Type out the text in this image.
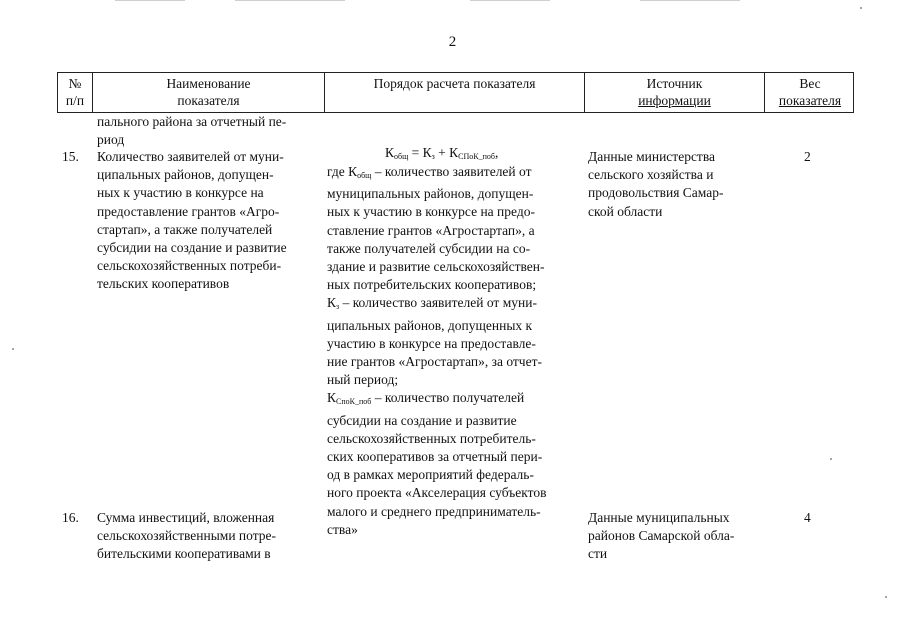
2
№
п/п
Наименование
показателя
Порядок расчета показателя	Источник
информации
Вес
показателя
пального района за отчетный пе-
риод
15. Количество заявителей от муни-
ципальных районов, допущен-
ных к участию в конкурсе на
предоставление грантов «Агро-
стартап», а также получателей
субсидии на создание и развитие
сельскохозяйственных потреби-
тельских кооперативов
$К_{общ} = К_з + К_{СПоК\_поб}$,
где $К_{общ}$ – количество заявителей от
муниципальных районов, допущен-
ных к участию в конкурсе на предо-
ставление грантов «Агростартап», а
также получателей субсидии на со-
здание и развитие сельскохозяйствен-
ных потребительских кооперативов;
$К_з$ – количество заявителей от муни-
ципальных районов, допущенных к
участию в конкурсе на предоставле-
ние грантов «Агростартап», за отчет-
ный период;
$К_{СпоК\_поб}$ – количество получателей
субсидии на создание и развитие
сельскохозяйственных потребитель-
ских кооперативов за отчетный пери-
од в рамках мероприятий федераль-
ного проекта «Акселерация субъектов
малого и среднего предприниматель-
ства»
Данные министерства
сельского хозяйства и
продовольствия Самар-
ской области
2
16. Сумма инвестиций, вложенная
сельскохозяйственными потре-
бительскими кооперативами в
Данные муниципальных
районов Самарской обла-
сти
4
